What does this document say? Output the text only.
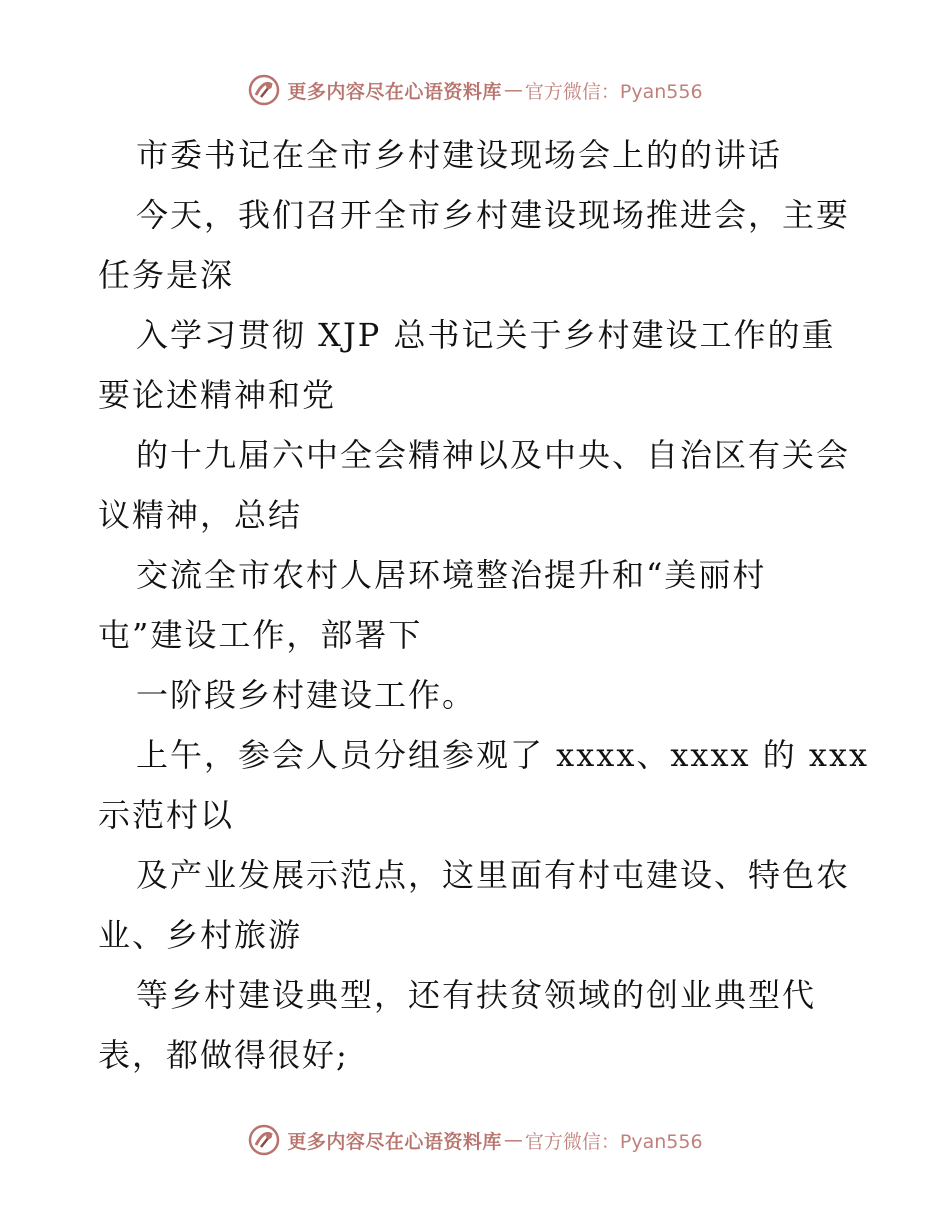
更多内容尽在心语资料库 — 官方微信：Pyan556
市委书记在全市乡村建设现场会上的的讲话
今天，我们召开全市乡村建设现场推进会，主要
任务是深
入学习贯彻 XJP 总书记关于乡村建设工作的重
要论述精神和党
的十九届六中全会精神以及中央、自治区有关会
议精神，总结
交流全市农村人居环境整治提升和“美丽村
屯”建设工作，部署下
一阶段乡村建设工作。
上午，参会人员分组参观了 xxxx、xxxx 的 xxx
示范村以
及产业发展示范点，这里面有村屯建设、特色农
业、乡村旅游
等乡村建设典型，还有扶贫领域的创业典型代
表，都做得很好;
更多内容尽在心语资料库 — 官方微信：Pyan556
